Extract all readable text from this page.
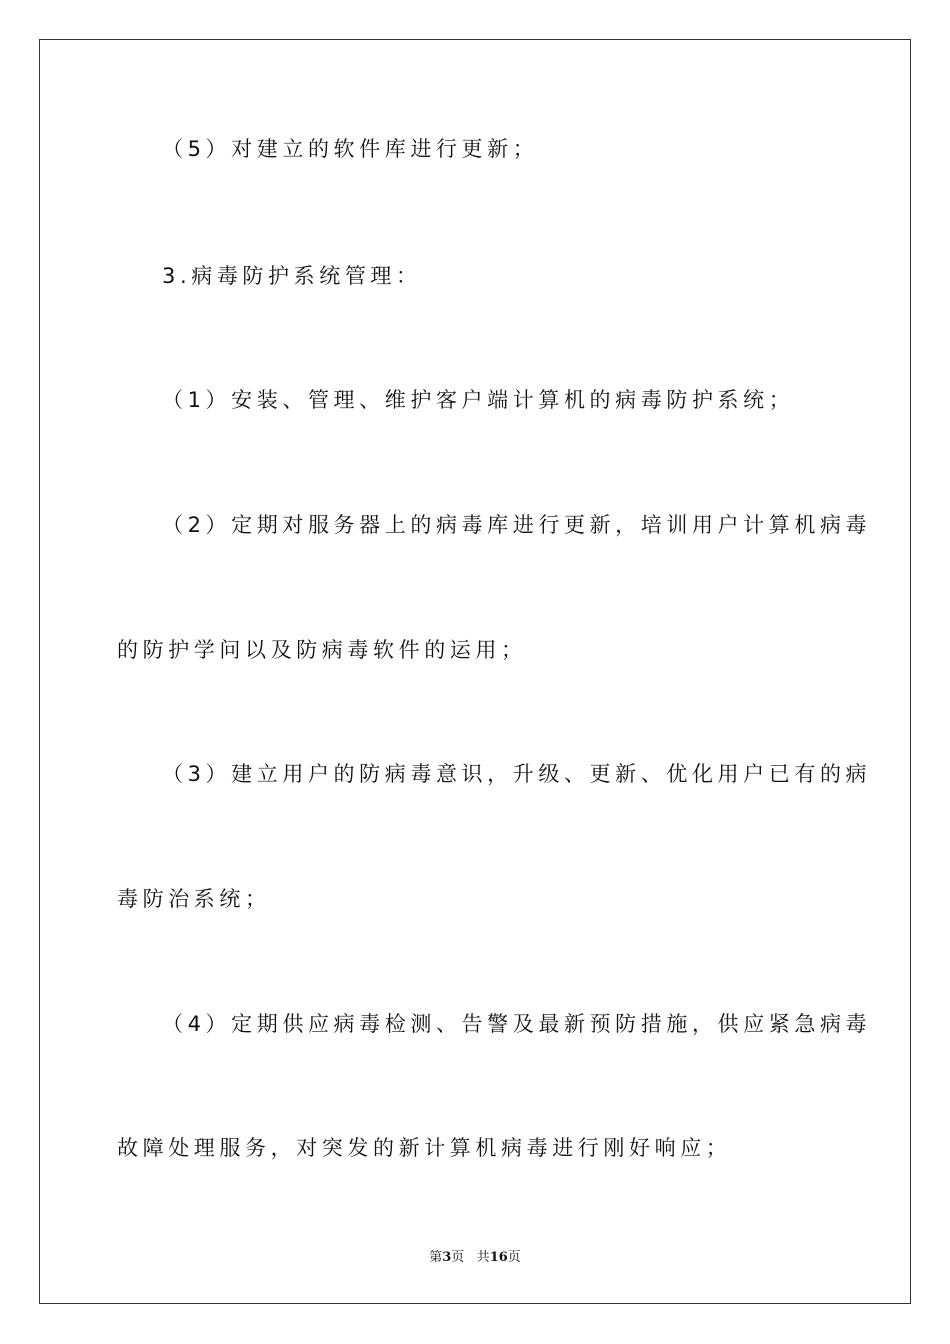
（5）对建立的软件库进行更新；
3.病毒防护系统管理：
（1）安装、管理、维护客户端计算机的病毒防护系统；
（2）定期对服务器上的病毒库进行更新，培训用户计算机病毒
的防护学问以及防病毒软件的运用；
（3）建立用户的防病毒意识，升级、更新、优化用户已有的病
毒防治系统；
（4）定期供应病毒检测、告警及最新预防措施，供应紧急病毒
故障处理服务，对突发的新计算机病毒进行刚好响应；
第3页 共16页
